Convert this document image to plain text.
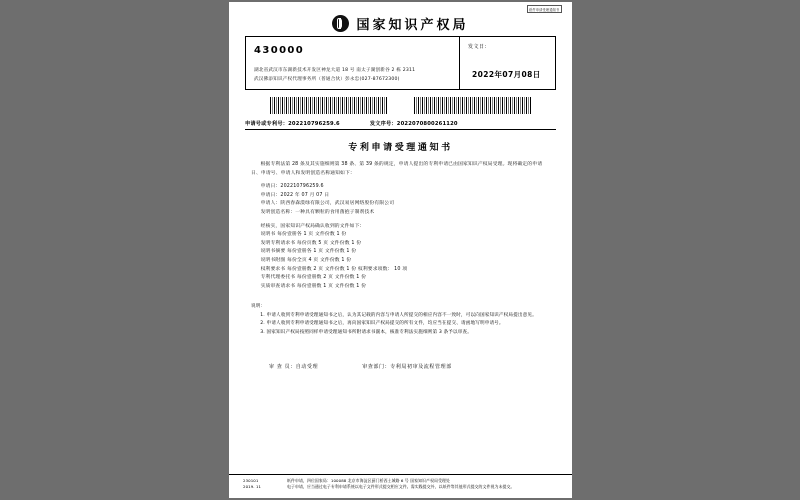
纸件申请受理通知书
国家知识产权局
430000
湖北省武汉市东湖新技术开发区神龙大道 18 号 南太子湖创新谷 2 栋 2311
武汉佛添知识产权代理事务所（普通合伙）彭永忠(027-87672300)
发文日：
2022年07月08日
申请号或专利号：202210796259.6	发文序号：2022070800261120
专利申请受理通知书
根据专利法第 28 条及其实施细则第 38 条、第 39 条的规定，申请人提出的专利申请已由国家知识产权局受理。现将确定的申请日、申请号、申请人和发明创造名称通知如下：
申请日：202210796259.6
申请日：2022 年 07 月 07 日
申请人：陕西春森漠绿有限公司，武汉易居网络股份有限公司
发明创造名称：一种具有颗粒的食用菌抱子制剂技术
经核实，国家知识产权局确认收到的文件如下：
说明书 每份壹册各 1 页 文件份数 1 份
发明专利请求书 每份页数 5 页 文件份数 1 份
说明书摘要 每份壹册各 1 页 文件份数 1 份
说明书附图 每份全页 4 页 文件份数 1 份
权利要求书 每份壹册数 2 页 文件份数 1 份 权利要求项数： 10 项
专利代理委托书 每份壹册数 2 页 文件份数 1 份
实质审查请求书 每份壹册数 1 页 文件份数 1 份
说明：
1. 申请人收到专利申请受理通知书之后，认为其记载的内容与申请人所提交的相应内容不一致时，可以向国家知识产权局提出意见。
2. 申请人收到专利申请受理通知书之后，再向国家知识产权局提交的所有文件，均应当在提交、请函地写明申请号。
3. 国家知识产权局按照同样申请受理通知书所附请求书副本，核准专利法实施细则第 3 条予以审查。
审 查 员：自动受理	审查部门：专利局初审及流程管理部
230101
2019. 11
纸件申请，四位国家局：100088 北京市海淀区蓟门桥西土城路 6 号 国家知识产权局受理处
电子申请，应当通过电子专利申请系统以电子文件形式提交相应文件。需实践提交外，以纸件等其他形式提交的文件视为未提交。
